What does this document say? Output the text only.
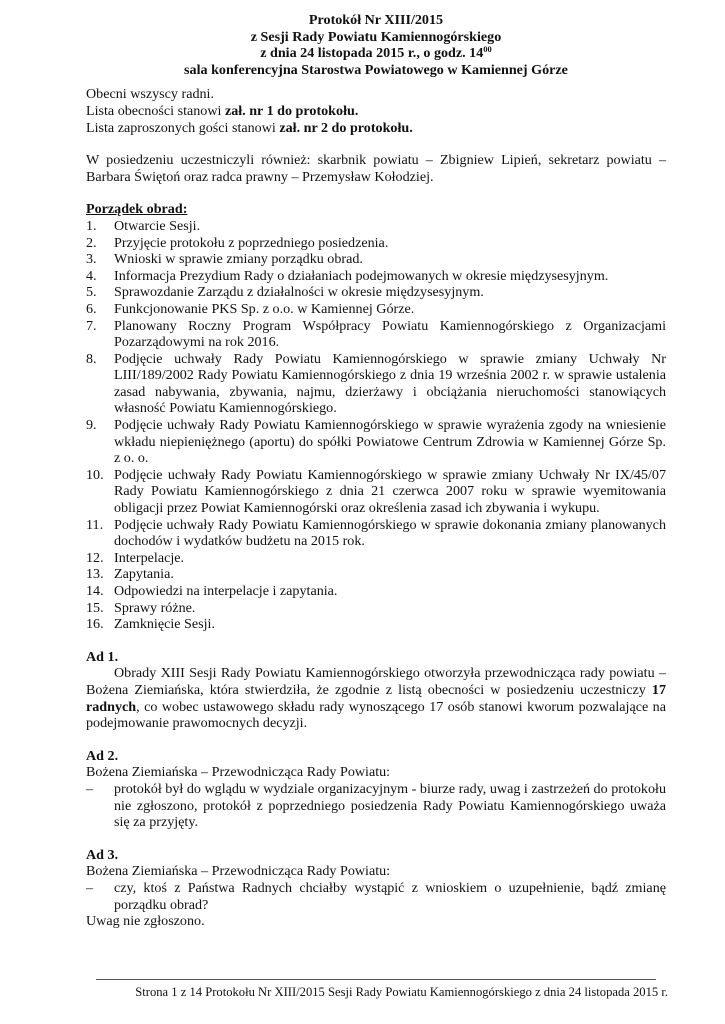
Protokół Nr XIII/2015
z Sesji Rady Powiatu Kamiennogórskiego
z dnia 24 listopada 2015 r., o godz. $14^{00}$
sala konferencyjna Starostwa Powiatowego w Kamiennej Górze

Obecni wszyscy radni.

Lista obecności stanowi zał. nr 1 do protokołu.

Lista zaproszonych gości stanowi zał. nr 2 do protokołu.

W posiedzeniu uczestniczyli również: skarbnik powiatu – Zbigniew Lipień, sekretarz powiatu – Barbara Świętoń oraz radca prawny – Przemysław Kołodziej.
Porządek obrad:
1. Otwarcie Sesji.
2. Przyjęcie protokołu z poprzedniego posiedzenia.
3. Wnioski w sprawie zmiany porządku obrad.
4. Informacja Prezydium Rady o działaniach podejmowanych w okresie międzysesyjnym.
5. Sprawozdanie Zarządu z działalności w okresie międzysesyjnym.
6. Funkcjonowanie PKS Sp. z o.o. w Kamiennej Górze.
7. Planowany Roczny Program Współpracy Powiatu Kamiennogórskiego z Organizacjami Pozarządowymi na rok 2016.
8. Podjęcie uchwały Rady Powiatu Kamiennogórskiego w sprawie zmiany Uchwały Nr LIII/189/2002 Rady Powiatu Kamiennogórskiego z dnia 19 września 2002 r. w sprawie ustalenia zasad nabywania, zbywania, najmu, dzierżawy i obciążania nieruchomości stanowiących własność Powiatu Kamiennogórskiego.
9. Podjęcie uchwały Rady Powiatu Kamiennogórskiego w sprawie wyrażenia zgody na wniesienie wkładu niepieniężnego (aportu) do spółki Powiatowe Centrum Zdrowia w Kamiennej Górze Sp. z o. o.
10. Podjęcie uchwały Rady Powiatu Kamiennogórskiego w sprawie zmiany Uchwały Nr IX/45/07 Rady Powiatu Kamiennogórskiego z dnia 21 czerwca 2007 roku w sprawie wyemitowania obligacji przez Powiat Kamiennogórski oraz określenia zasad ich zbywania i wykupu.
11. Podjęcie uchwały Rady Powiatu Kamiennogórskiego w sprawie dokonania zmiany planowanych dochodów i wydatków budżetu na 2015 rok.
12. Interpelacje.
13. Zapytania.
14. Odpowiedzi na interpelacje i zapytania.
15. Sprawy różne.
16. Zamknięcie Sesji.
Ad 1.

Obrady XIII Sesji Rady Powiatu Kamiennogórskiego otworzyła przewodnicząca rady powiatu – Bożena Ziemiańska, która stwierdziła, że zgodnie z listą obecności w posiedzeniu uczestniczy 17 radnych, co wobec ustawowego składu rady wynoszącego 17 osób stanowi kworum pozwalające na podejmowanie prawomocnych decyzji.

Ad 2.

Bożena Ziemiańska – Przewodnicząca Rady Powiatu:

– protokół był do wglądu w wydziale organizacyjnym - biurze rady, uwag i zastrzeżeń do protokołu nie zgłoszono, protokół z poprzedniego posiedzenia Rady Powiatu Kamiennogórskiego uważa się za przyjęty.
Ad 3.

Bożena Ziemiańska – Przewodnicząca Rady Powiatu:

– czy, ktoś z Państwa Radnych chciałby wystąpić z wnioskiem o uzupełnienie, bądź zmianę porządku obrad?

Uwag nie zgłoszono.

Strona 1 z 14 Protokołu Nr XIII/2015 Sesji Rady Powiatu Kamiennogórskiego z dnia 24 listopada 2015 r.
